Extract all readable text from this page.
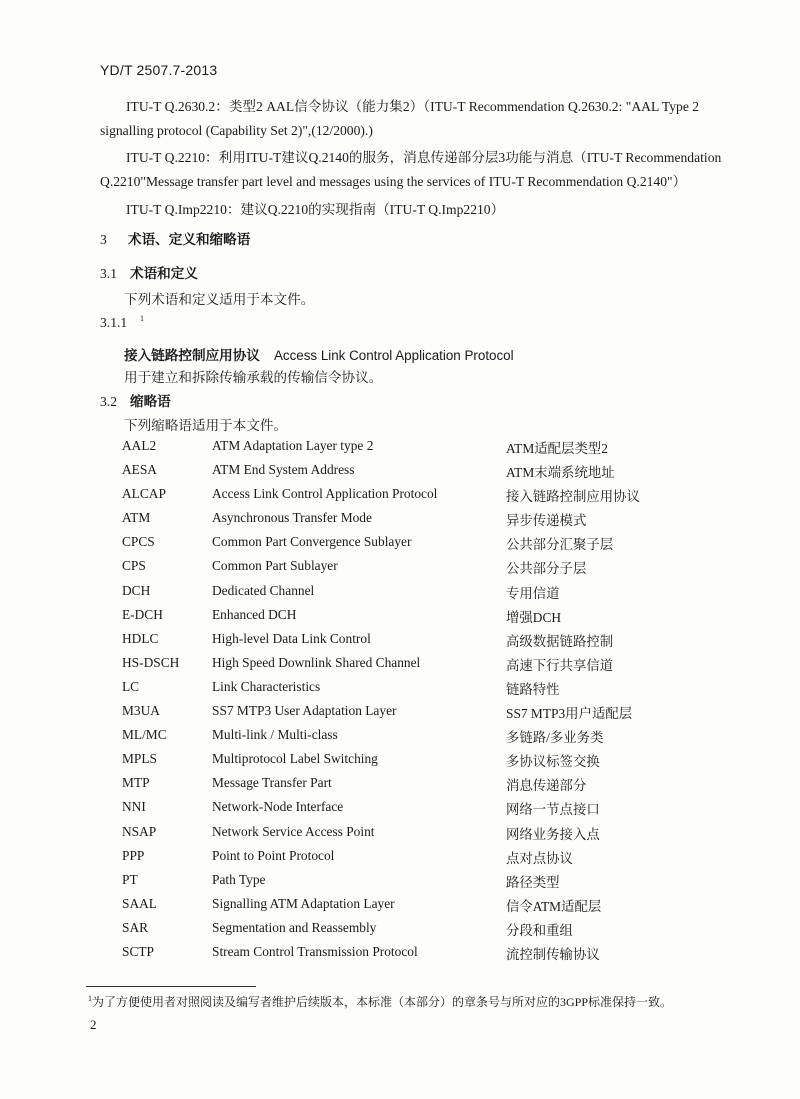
YD/T 2507.7-2013
ITU-T Q.2630.2：类型2 AAL信令协议（能力集2）（ITU-T Recommendation Q.2630.2: "AAL Type 2
signalling protocol (Capability Set 2)",(12/2000).)
ITU-T Q.2210：利用ITU-T建议Q.2140的服务，消息传递部分层3功能与消息（ITU-T Recommendation
Q.2210"Message transfer part level and messages using the services of ITU-T Recommendation Q.2140"）
ITU-T Q.Imp2210：建议Q.2210的实现指南（ITU-T Q.Imp2210）
3 术语、定义和缩略语
3.1 术语和定义
下列术语和定义适用于本文件。
3.1.1 $^1$
接入链路控制应用协议 Access Link Control Application Protocol
用于建立和拆除传输承载的传输信令协议。
3.2 缩略语
下列缩略语适用于本文件。
AAL2	ATM Adaptation Layer type 2	ATM适配层类型2
AESA	ATM End System Address	ATM末端系统地址
ALCAP	Access Link Control Application Protocol	接入链路控制应用协议
ATM	Asynchronous Transfer Mode	异步传递模式
CPCS	Common Part Convergence Sublayer	公共部分汇聚子层
CPS	Common Part Sublayer	公共部分子层
DCH	Dedicated Channel	专用信道
E-DCH	Enhanced DCH	增强DCH
HDLC	High-level Data Link Control	高级数据链路控制
HS-DSCH High Speed Downlink Shared Channel	高速下行共享信道
LC	Link Characteristics	链路特性
M3UA	SS7 MTP3 User Adaptation Layer	SS7 MTP3用户适配层
ML/MC	Multi-link / Multi-class	多链路/多业务类
MPLS	Multiprotocol Label Switching	多协议标签交换
MTP	Message Transfer Part	消息传递部分
NNI	Network-Node Interface	网络一节点接口
NSAP	Network Service Access Point	网络业务接入点
PPP	Point to Point Protocol	点对点协议
PT	Path Type	路径类型
SAAL	Signalling ATM Adaptation Layer	信令ATM适配层
SAR	Segmentation and Reassembly	分段和重组
SCTP	Stream Control Transmission Protocol	流控制传输协议
$^1$为了方便使用者对照阅读及编写者维护后续版本，本标准（本部分）的章条号与所对应的3GPP标准保持一致。
2
